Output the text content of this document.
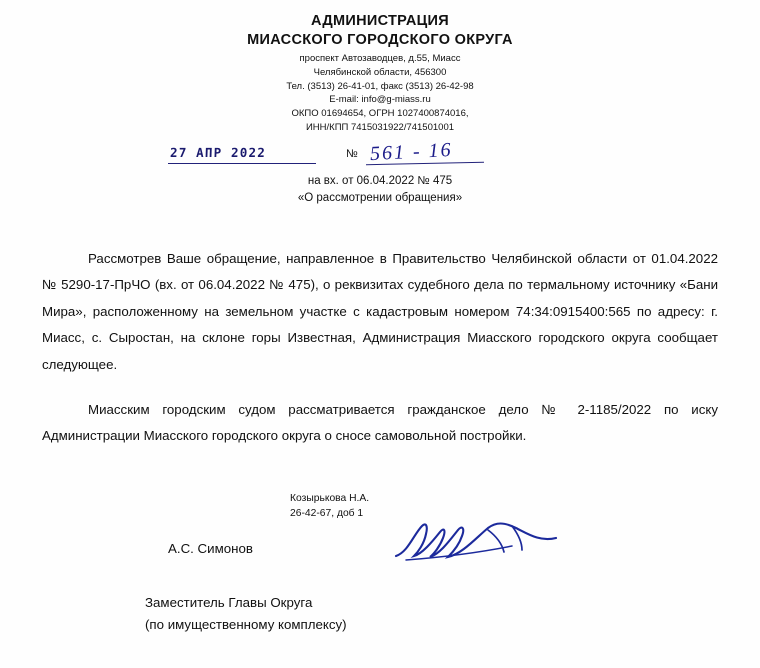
АДМИНИСТРАЦИЯ
МИАССКОГО ГОРОДСКОГО ОКРУГА
проспект Автозаводцев, д.55, Миасс
Челябинской области, 456300
Тел. (3513) 26-41-01, факс (3513) 26-42-98
E-mail: info@g-miass.ru
ОКПО 01694654, ОГРН 1027400874016,
ИНН/КПП 7415031922/741501001
27 АПР 2022	№ 561 - 16
на вх. от 06.04.2022 № 475
«О рассмотрении обращения»

Рассмотрев Ваше обращение, направленное в Правительство Челябинской области от 01.04.2022 № 5290-17-ПрЧО (вх. от 06.04.2022 № 475), о реквизитах судебного дела по термальному источнику «Бани Мира», расположенному на земельном участке с кадастровым номером 74:34:0915400:565 по адресу: г. Миасс, с. Сыростан, на склоне горы Известная, Администрация Миасского городского округа сообщает следующее.

Миасским городским судом рассматривается гражданское дело № 2-1185/2022 по иску Администрации Миасского городского округа о сносе самовольной постройки.

Козырькова Н.А.
26-42-67, доб 1
А.С. Симонов
Заместитель Главы Округа
(по имущественному комплексу)
